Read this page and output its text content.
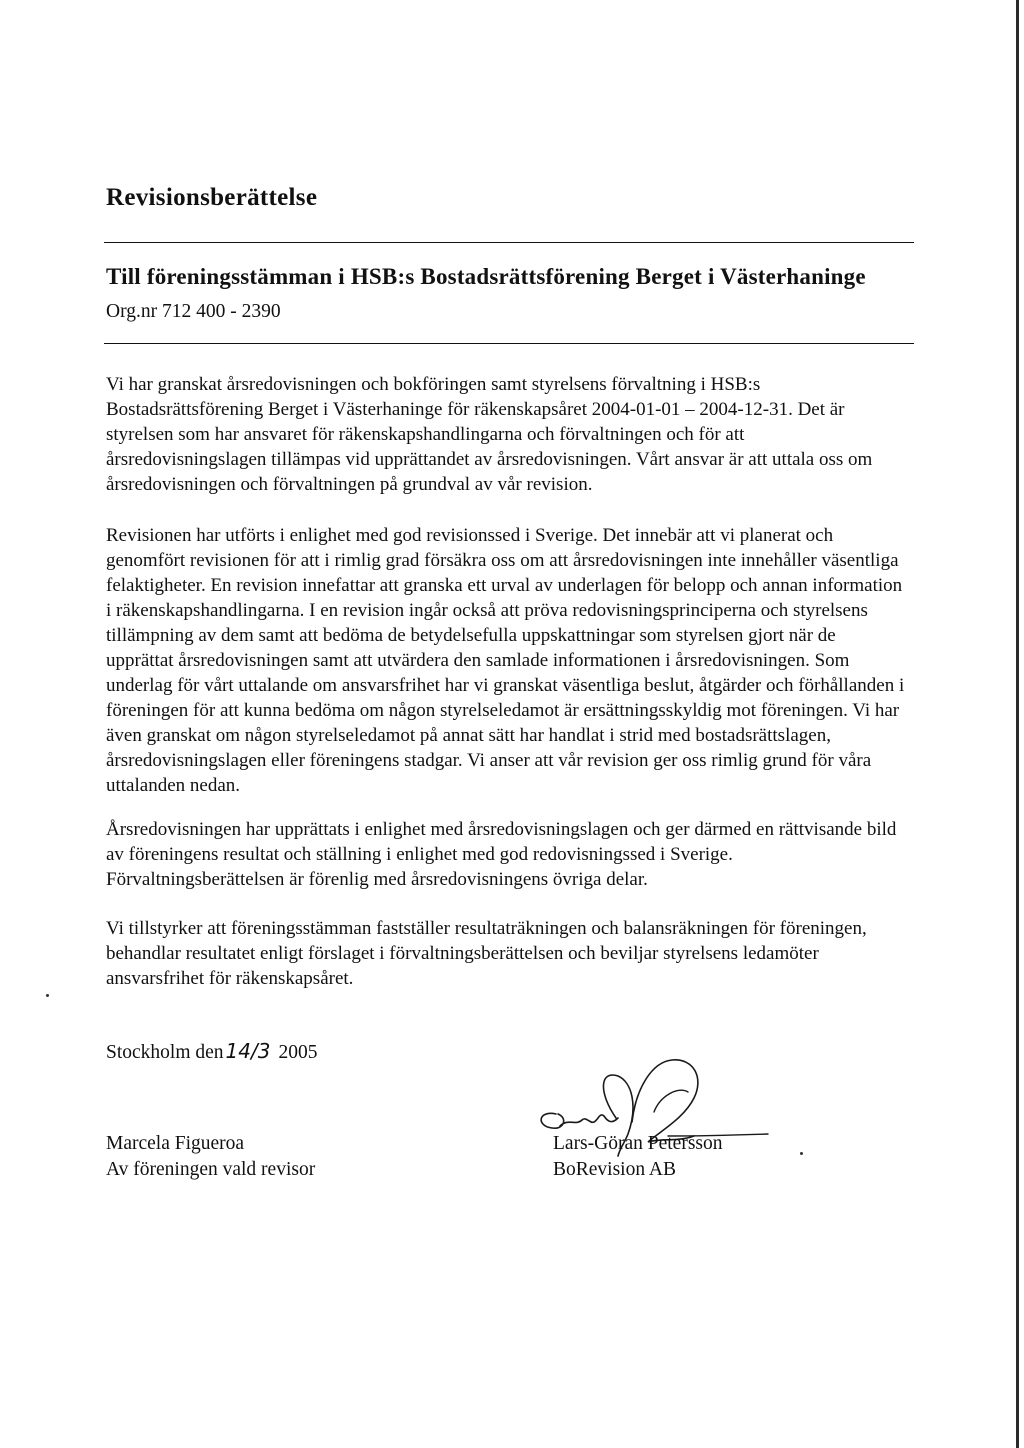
Revisionsberättelse
Till föreningsstämman i HSB:s Bostadsrättsförening Berget i Västerhaninge

Org.nr 712 400 - 2390

Vi har granskat årsredovisningen och bokföringen samt styrelsens förvaltning i HSB:s Bostadsrättsförening Berget i Västerhaninge för räkenskapsåret 2004-01-01 – 2004-12-31. Det är styrelsen som har ansvaret för räkenskapshandlingarna och förvaltningen och för att årsredovisningslagen tillämpas vid upprättandet av årsredovisningen. Vårt ansvar är att uttala oss om årsredovisningen och förvaltningen på grundval av vår revision.

Revisionen har utförts i enlighet med god revisionssed i Sverige. Det innebär att vi planerat och genomfört revisionen för att i rimlig grad försäkra oss om att årsredovisningen inte innehåller väsentliga felaktigheter. En revision innefattar att granska ett urval av underlagen för belopp och annan information i räkenskapshandlingarna. I en revision ingår också att pröva redovisningsprinciperna och styrelsens tillämpning av dem samt att bedöma de betydelsefulla uppskattningar som styrelsen gjort när de upprättat årsredovisningen samt att utvärdera den samlade informationen i årsredovisningen. Som underlag för vårt uttalande om ansvarsfrihet har vi granskat väsentliga beslut, åtgärder och förhållanden i föreningen för att kunna bedöma om någon styrelseledamot är ersättningsskyldig mot föreningen. Vi har även granskat om någon styrelseledamot på annat sätt har handlat i strid med bostadsrättslagen, årsredovisningslagen eller föreningens stadgar. Vi anser att vår revision ger oss rimlig grund för våra uttalanden nedan.

Årsredovisningen har upprättats i enlighet med årsredovisningslagen och ger därmed en rättvisande bild av föreningens resultat och ställning i enlighet med god redovisningssed i Sverige. Förvaltningsberättelsen är förenlig med årsredovisningens övriga delar.

Vi tillstyrker att föreningsstämman fastställer resultaträkningen och balansräkningen för föreningen, behandlar resultatet enligt förslaget i förvaltningsberättelsen och beviljar styrelsens ledamöter ansvarsfrihet för räkenskapsåret.

Stockholm den 14/3 2005

Marcela Figueroa
Av föreningen vald revisor
Lars-Göran Petersson
BoRevision AB
